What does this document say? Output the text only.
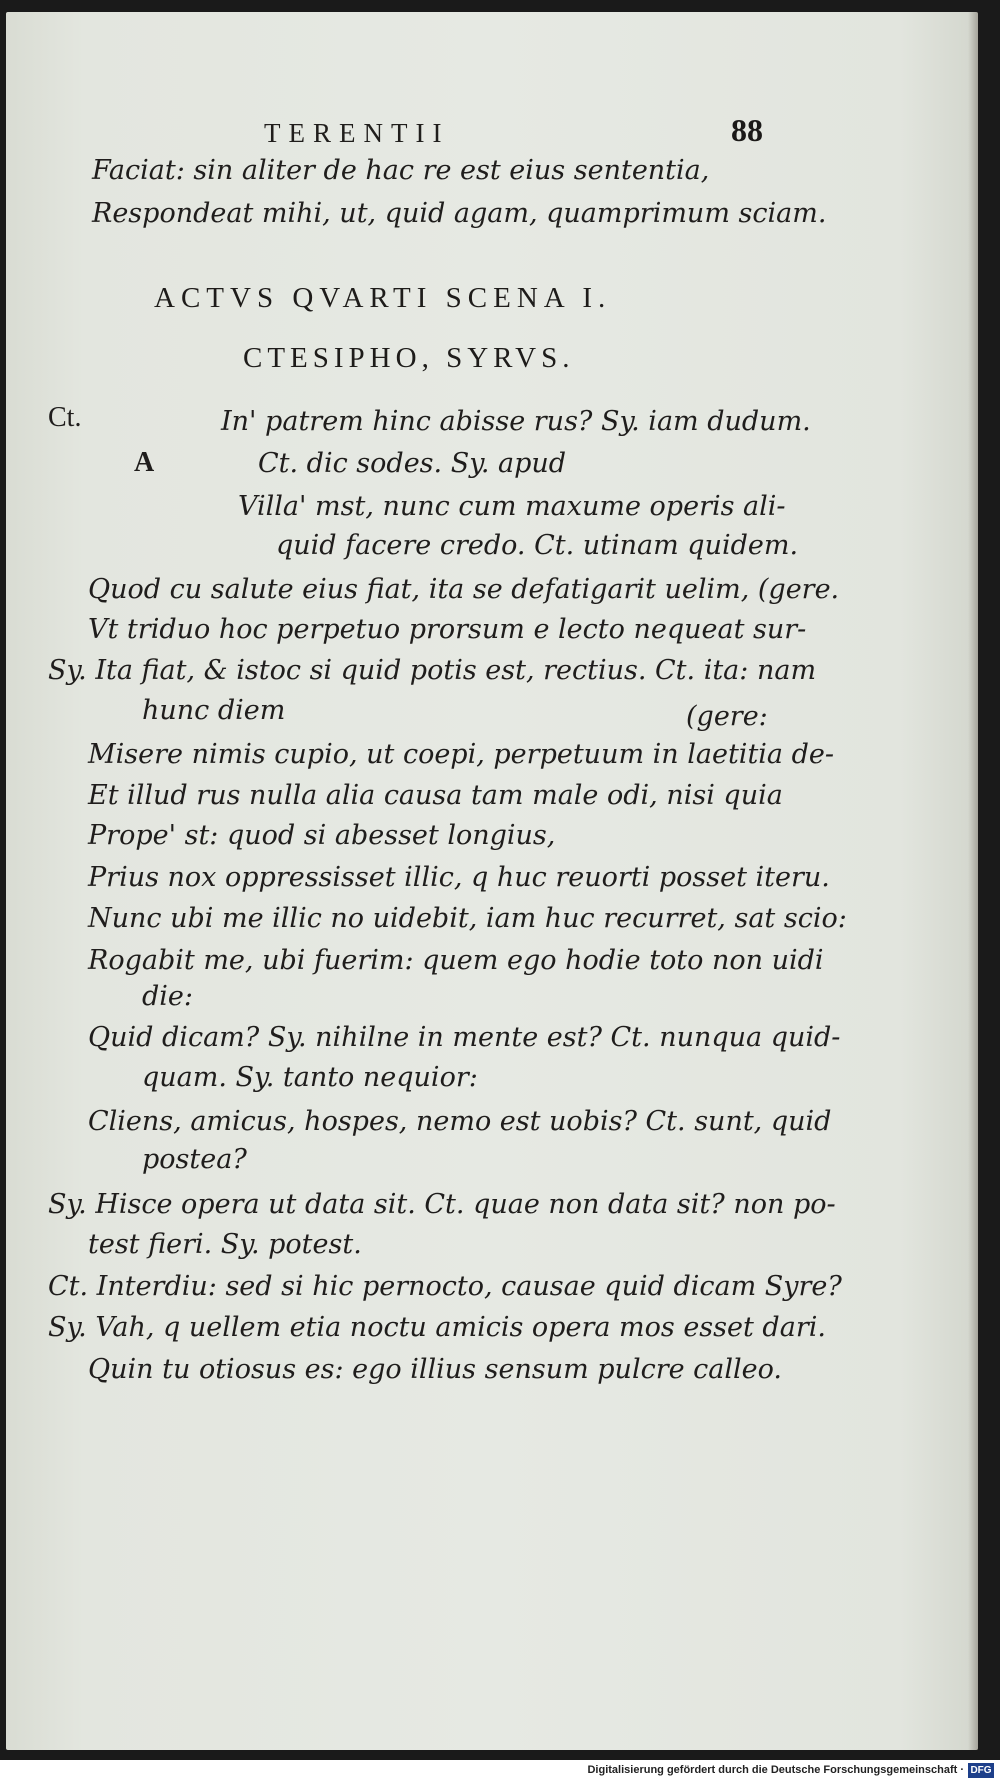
TERENTII	88
Faciat: sin aliter de hac re est eius sententia,
Respondeat mihi, ut, quid agam, quamprimum sciam.
ACTVS QVARTI SCENA I.
CTESIPHO, SYRVS.
Ct.
A
In' patrem hinc abisse rus? Sy. iam dudum.
Ct. dic sodes. Sy. apud
Villa' mst, nunc cum maxume operis ali-
quid facere credo. Ct. utinam quidem.
Quod cu salute eius fiat, ita se defatigarit uelim, (gere.
Vt triduo hoc perpetuo prorsum e lecto nequeat sur-
Sy. Ita fiat, & istoc si quid potis est, rectius. Ct. ita: nam
hunc diem	(gere:
Misere nimis cupio, ut coepi, perpetuum in laetitia de-
Et illud rus nulla alia causa tam male odi, nisi quia
Prope' st: quod si abesset longius,
Prius nox oppressisset illic, q huc reuorti posset iteru.
Nunc ubi me illic no uidebit, iam huc recurret, sat scio:
Rogabit me, ubi fuerim: quem ego hodie toto non uidi
die:
Quid dicam? Sy. nihilne in mente est? Ct. nunqua quid-
quam. Sy. tanto nequior:
Cliens, amicus, hospes, nemo est uobis? Ct. sunt, quid
postea?
Sy. Hisce opera ut data sit. Ct. quae non data sit? non po-
test fieri. Sy. potest.
Ct. Interdiu: sed si hic pernocto, causae quid dicam Syre?
Sy. Vah, q uellem etia noctu amicis opera mos esset dari.
Quin tu otiosus es: ego illius sensum pulcre calleo.
Digitalisierung gefördert durch die Deutsche Forschungsgemeinschaft · DFG
